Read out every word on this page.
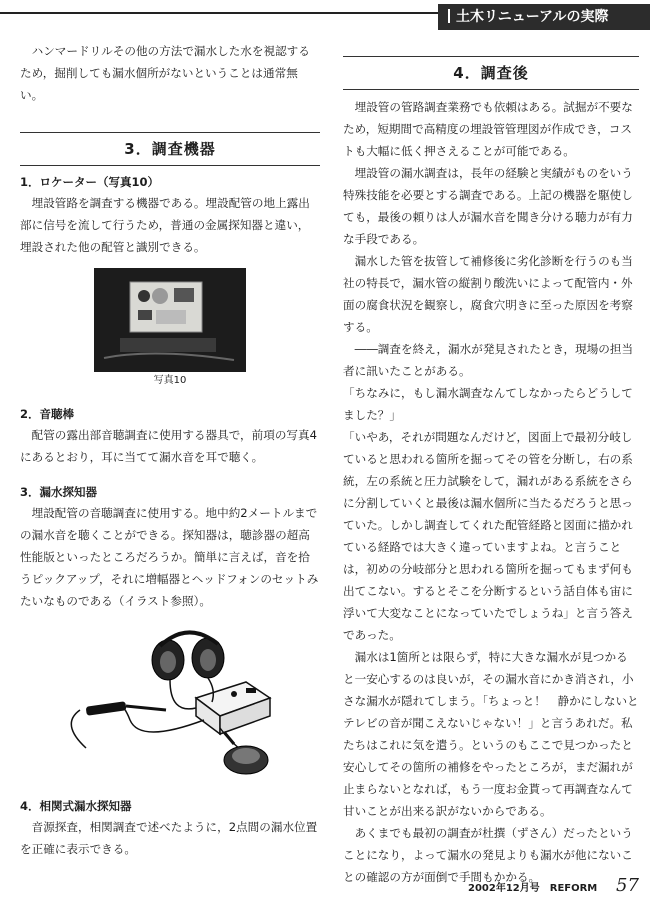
土木リニューアルの実際

ハンマードリルその他の方法で漏水した水を視認するため，掘削しても漏水個所がないということは通常無い。

3．調査機器
1．ロケーター（写真10）

埋設管路を調査する機器である。埋設配管の地上露出部に信号を流して行うため，普通の金属探知器と違い，埋設された他の配管と識別できる。

写真10
2．音聴棒

配管の露出部音聴調査に使用する器具で，前項の写真4にあるとおり，耳に当てて漏水音を耳で聴く。

3．漏水探知器

埋設配管の音聴調査に使用する。地中約2メートルまでの漏水音を聴くことができる。探知器は，聴診器の超高性能版といったところだろうか。簡単に言えば，音を拾うピックアップ，それに増幅器とヘッドフォンのセットみたいなものである（イラスト参照）。

4．相関式漏水探知器

音源探査，相関調査で述べたように，2点間の漏水位置を正確に表示できる。

4．調査後

埋設管の管路調査業務でも依頼はある。試掘が不要なため，短期間で高精度の埋設管管理図が作成でき，コストも大幅に低く押さえることが可能である。

埋設管の漏水調査は，長年の経験と実績がものをいう特殊技能を必要とする調査である。上記の機器を駆使しても，最後の頼りは人が漏水音を聞き分ける聴力が有力な手段である。

漏水した管を抜管して補修後に劣化診断を行うのも当　社の特長で，漏水管の縦割り酸洗いによって配管内・外面の腐食状況を観察し，腐食穴明きに至った原因を考察する。

――調査を終え，漏水が発見されたとき，現場の担当者に訊いたことがある。

「ちなみに，もし漏水調査なんてしなかったらどうしてました？」

「いやあ，それが問題なんだけど，図面上で最初分岐していると思われる箇所を掘ってその管を分断し，右の系統，左の系統と圧力試験をして，漏れがある系統をさらに分割していくと最後は漏水個所に当たるだろうと思っていた。しかし調査してくれた配管経路と図面に描かれている経路では大きく違っていますよね。と言うことは，初めの分岐部分と思われる箇所を掘ってもまず何も出てこない。するとそこを分断するという話自体も宙に浮いて大変なことになっていたでしょうね」と言う答えであった。

漏水は1箇所とは限らず，特に大きな漏水が見つかると一安心するのは良いが，その漏水音にかき消され，小さな漏水が隠れてしまう。「ちょっと！　静かにしないとテレビの音が聞こえないじゃない！」と言うあれだ。私たちはこれに気を遣う。というのもここで見つかったと安心してその箇所の補修をやったところが，まだ漏れが止まらないとなれば，もう一度お金貰って再調査なんて甘いことが出来る訳がないからである。

あくまでも最初の調査が杜撰（ずさん）だったということになり，よって漏水の発見よりも漏水が他にないことの確認の方が面倒で手間もかかる。

2002年12月号　REFORM 57
